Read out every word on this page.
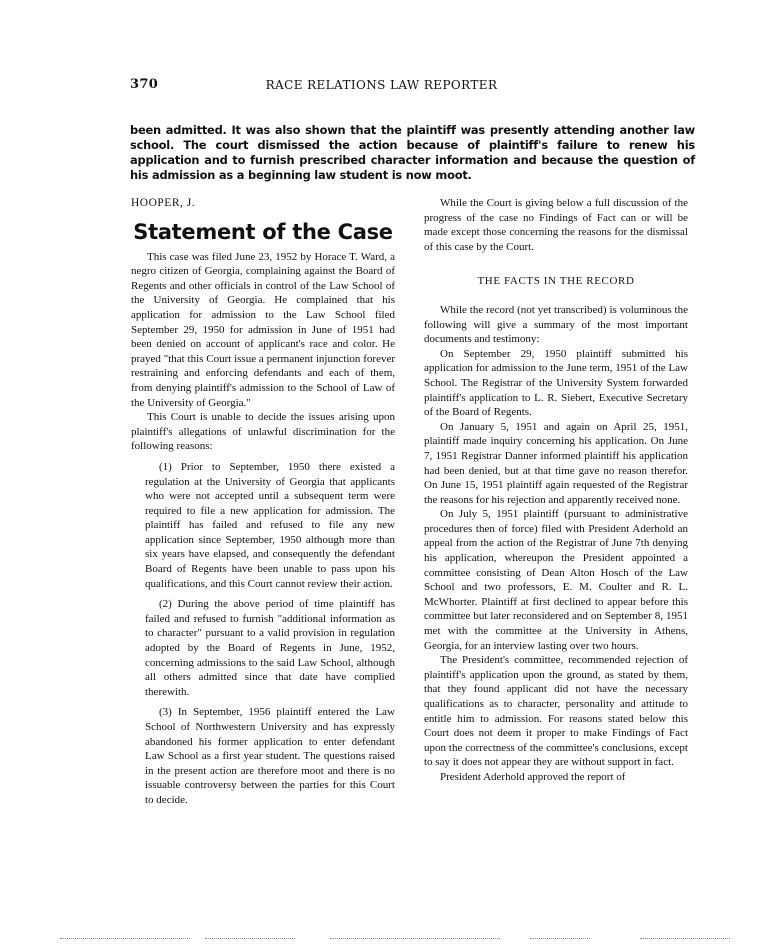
370	RACE RELATIONS LAW REPORTER
been admitted. It was also shown that the plaintiff was presently attending another law school. The court dismissed the action because of plaintiff's failure to renew his application and to furnish prescribed character information and because the question of his admission as a beginning law student is now moot.
HOOPER, J.
Statement of the Case

This case was filed June 23, 1952 by Horace T. Ward, a negro citizen of Georgia, complaining against the Board of Regents and other officials in control of the Law School of the University of Georgia. He complained that his application for admission to the Law School filed September 29, 1950 for admission in June of 1951 had been denied on account of applicant's race and color. He prayed "that this Court issue a permanent injunction forever restraining and enforcing defendants and each of them, from denying plaintiff's admission to the School of Law of the University of Georgia."

This Court is unable to decide the issues arising upon plaintiff's allegations of unlawful discrimination for the following reasons:

(1) Prior to September, 1950 there existed a regulation at the University of Georgia that applicants who were not accepted until a subsequent term were required to file a new application for admission. The plaintiff has failed and refused to file any new application since September, 1950 although more than six years have elapsed, and consequently the defendant Board of Regents have been unable to pass upon his qualifications, and this Court cannot review their action.

(2) During the above period of time plaintiff has failed and refused to furnish "additional information as to character" pursuant to a valid provision in regulation adopted by the Board of Regents in June, 1952, concerning admissions to the said Law School, although all others admitted since that date have complied therewith.

(3) In September, 1956 plaintiff entered the Law School of Northwestern University and has expressly abandoned his former application to enter defendant Law School as a first year student. The questions raised in the present action are therefore moot and there is no issuable controversy between the parties for this Court to decide.

While the Court is giving below a full discussion of the progress of the case no Findings of Fact can or will be made except those concerning the reasons for the dismissal of this case by the Court.

THE FACTS IN THE RECORD

While the record (not yet transcribed) is voluminous the following will give a summary of the most important documents and testimony:

On September 29, 1950 plaintiff submitted his application for admission to the June term, 1951 of the Law School. The Registrar of the University System forwarded plaintiff's application to L. R. Siebert, Executive Secretary of the Board of Regents.

On January 5, 1951 and again on April 25, 1951, plaintiff made inquiry concerning his application. On June 7, 1951 Registrar Danner informed plaintiff his application had been denied, but at that time gave no reason therefor. On June 15, 1951 plaintiff again requested of the Registrar the reasons for his rejection and apparently received none.

On July 5, 1951 plaintiff (pursuant to administrative procedures then of force) filed with President Aderhold an appeal from the action of the Registrar of June 7th denying his application, whereupon the President appointed a committee consisting of Dean Alton Hosch of the Law School and two professors, E. M. Coulter and R. L. McWhorter. Plaintiff at first declined to appear before this committee but later reconsidered and on September 8, 1951 met with the committee at the University in Athens, Georgia, for an interview lasting over two hours.

The President's committee, recommended rejection of plaintiff's application upon the ground, as stated by them, that they found applicant did not have the necessary qualifications as to character, personality and attitude to entitle him to admission. For reasons stated below this Court does not deem it proper to make Findings of Fact upon the correctness of the committee's conclusions, except to say it does not appear they are without support in fact.

President Aderhold approved the report of
